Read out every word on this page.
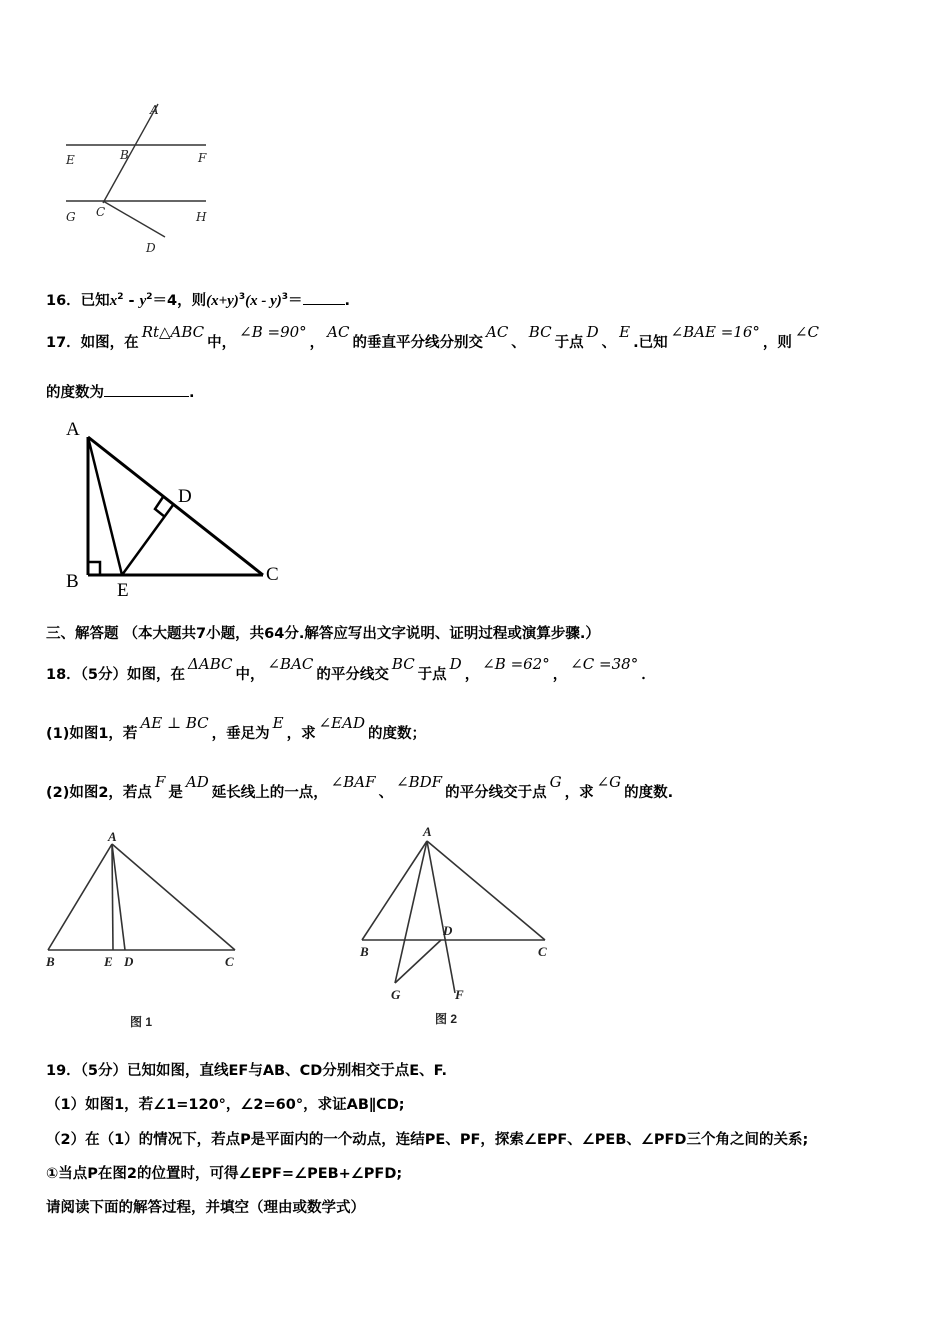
A
B
C
D
E	F
G	H
16．已知$x^2 - y^2=4$，则$(x+y)^3(x - y)^3=$	.
17．如图，在Rt△ABC中，∠B =90°，AC的垂直平分线分别交AC、BC于点D、E.已知∠BAE =16°，则∠C
的度数为	.
A
B	C
D
E
三、解答题 （本大题共7小题，共64分.解答应写出文字说明、证明过程或演算步骤.）
18．（5分）如图，在ΔABC中，∠BAC的平分线交BC于点D，∠B =62°，∠C =38°．
(1)如图1，若AE ⊥ BC，垂足为E，求∠EAD的度数；
(2)如图2，若点F是AD延长线上的一点，∠BAF、∠BDF的平分线交于点G，求∠G的度数.
A
B	E D	C
图 1
A
B
D
C
G	F
图 2
19．（5分）已知如图，直线EF与AB、CD分别相交于点E、F.
（1）如图1，若∠1=120°，∠2=60°，求证AB∥CD;
（2）在（1）的情况下，若点P是平面内的一个动点，连结PE、PF，探索∠EPF、∠PEB、∠PFD三个角之间的关系;
①当点P在图2的位置时，可得∠EPF=∠PEB+∠PFD;
请阅读下面的解答过程，并填空（理由或数学式）
